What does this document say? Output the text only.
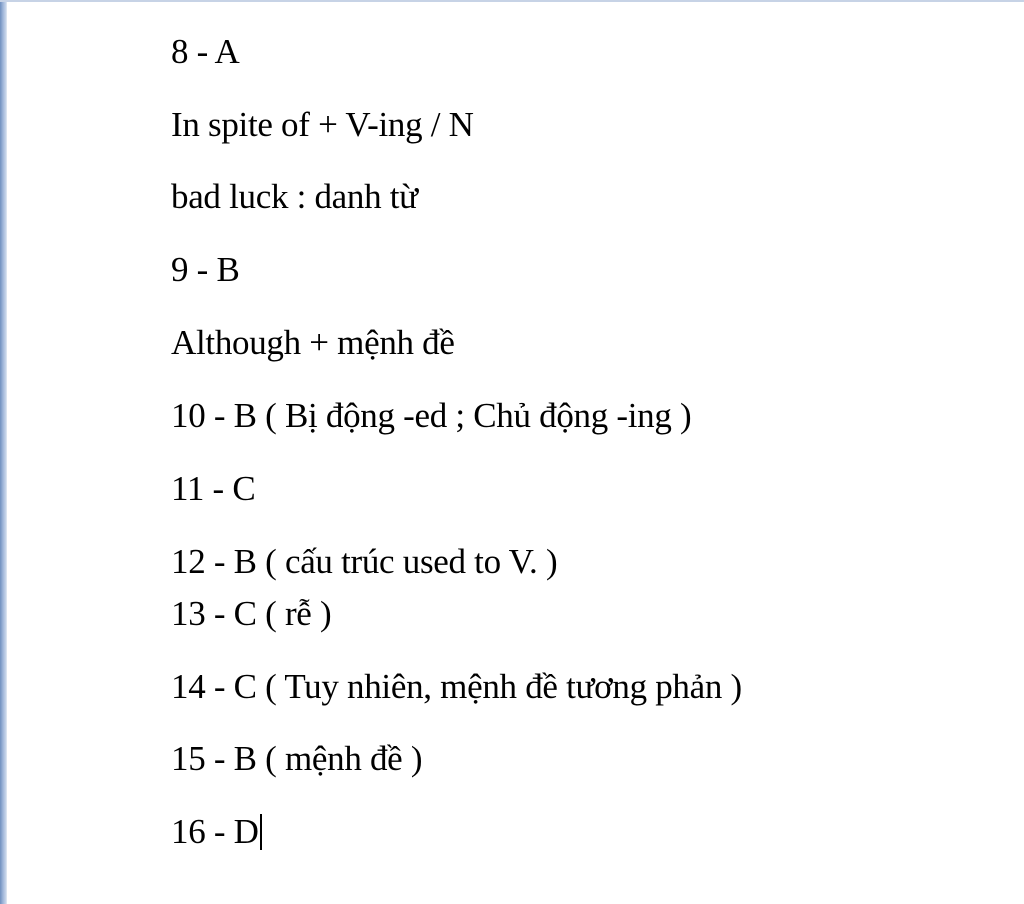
8 - A
In spite of + V-ing / N
bad luck : danh từ
9 - B
Although + mệnh đề
10 - B ( Bị động -ed ; Chủ động -ing )
11 - C
12 - B ( cấu trúc used to V. )
13 - C ( rễ )
14 - C ( Tuy nhiên, mệnh đề tương phản )
15 - B ( mệnh đề )
16 - D
